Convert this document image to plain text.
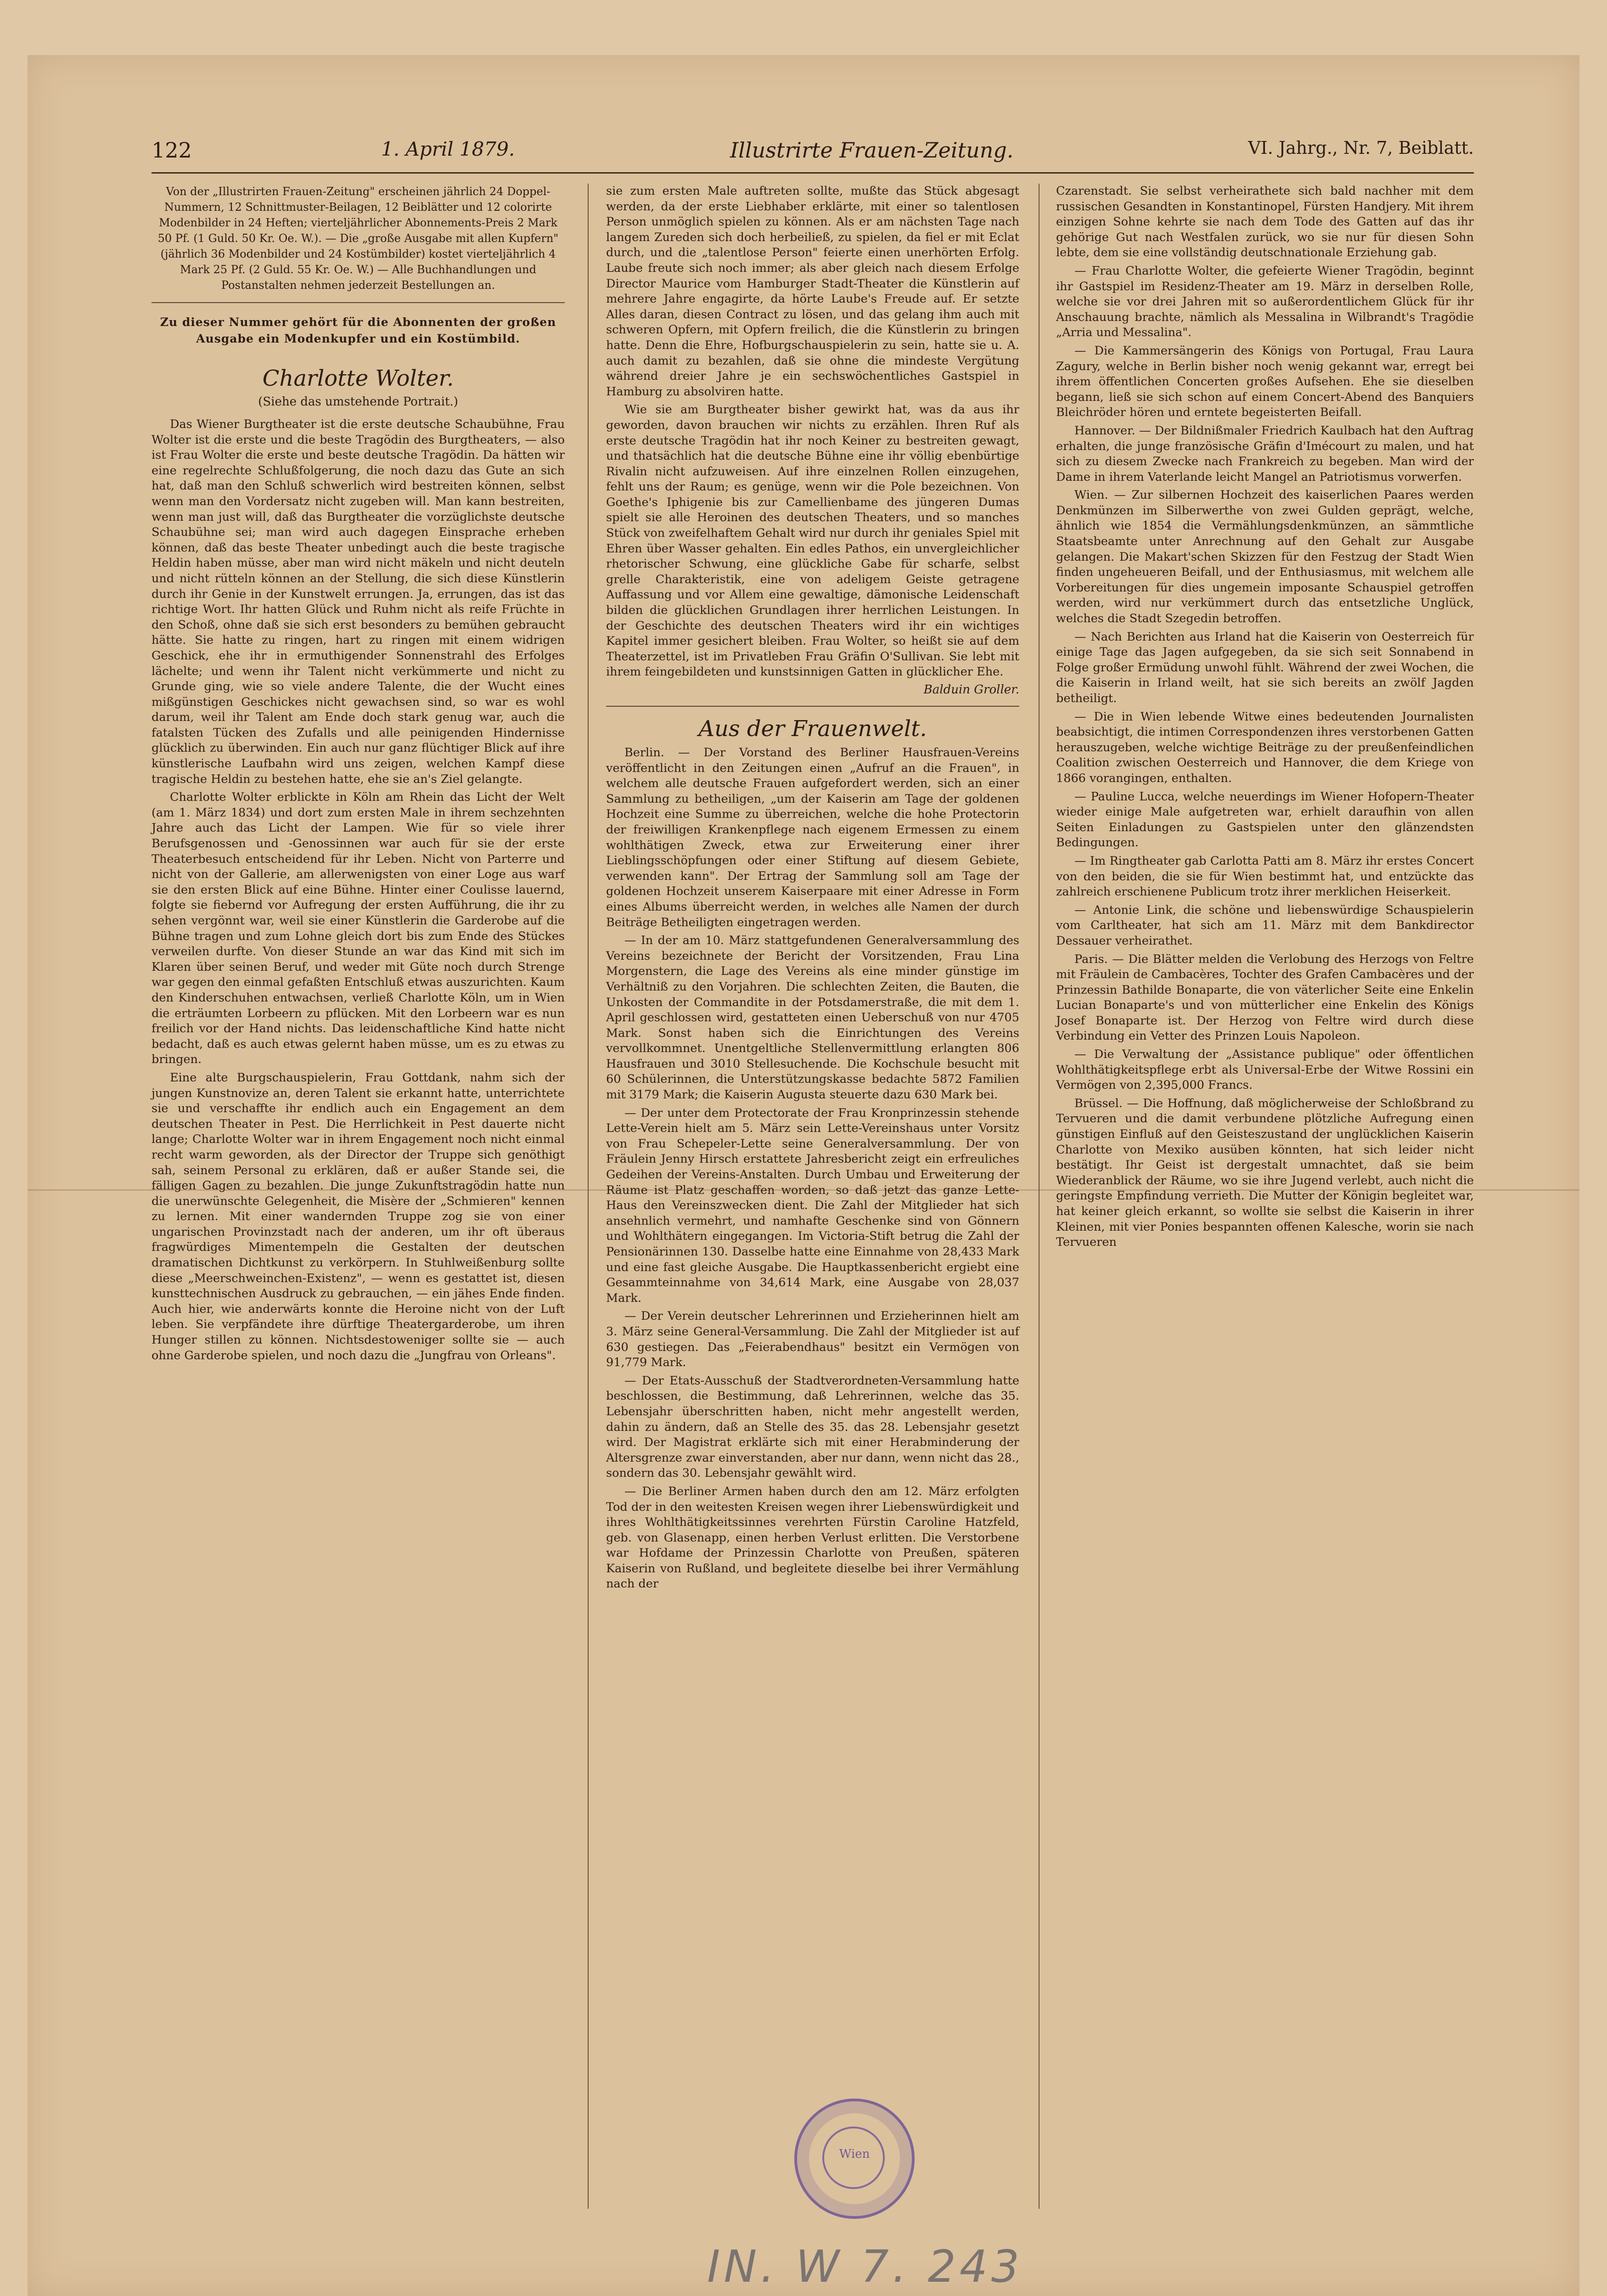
122	1. April 1879.	Illustrirte Frauen-Zeitung.	VI. Jahrg., Nr. 7, Beiblatt.

Von der „Illustrirten Frauen-Zeitung" erscheinen jährlich 24 Doppel-Nummern, 12 Schnittmuster-Beilagen, 12 Beiblätter und 12 colorirte Modenbilder in 24 Heften; vierteljährlicher Abonnements-Preis 2 Mark 50 Pf. (1 Guld. 50 Kr. Oe. W.). — Die „große Ausgabe mit allen Kupfern" (jährlich 36 Modenbilder und 24 Kostümbilder) kostet vierteljährlich 4 Mark 25 Pf. (2 Guld. 55 Kr. Oe. W.) — Alle Buchhandlungen und Postanstalten nehmen jederzeit Bestellungen an.

Zu dieser Nummer gehört für die Abonnenten der großen Ausgabe ein Modenkupfer und ein Kostümbild.

Charlotte Wolter.

(Siehe das umstehende Portrait.)

Das Wiener Burgtheater ist die erste deutsche Schaubühne, Frau Wolter ist die erste und die beste Tragödin des Burgtheaters, — also ist Frau Wolter die erste und beste deutsche Tragödin. Da hätten wir eine regelrechte Schlußfolgerung, die noch dazu das Gute an sich hat, daß man den Schluß schwerlich wird bestreiten können, selbst wenn man den Vordersatz nicht zugeben will. Man kann bestreiten, wenn man just will, daß das Burgtheater die vorzüglichste deutsche Schaubühne sei; man wird auch dagegen Einsprache erheben können, daß das beste Theater unbedingt auch die beste tragische Heldin haben müsse, aber man wird nicht mäkeln und nicht deuteln und nicht rütteln können an der Stellung, die sich diese Künstlerin durch ihr Genie in der Kunstwelt errungen. Ja, errungen, das ist das richtige Wort. Ihr hatten Glück und Ruhm nicht als reife Früchte in den Schoß, ohne daß sie sich erst besonders zu bemühen gebraucht hätte. Sie hatte zu ringen, hart zu ringen mit einem widrigen Geschick, ehe ihr in ermuthigender Sonnenstrahl des Erfolges lächelte; und wenn ihr Talent nicht verkümmerte und nicht zu Grunde ging, wie so viele andere Talente, die der Wucht eines mißgünstigen Geschickes nicht gewachsen sind, so war es wohl darum, weil ihr Talent am Ende doch stark genug war, auch die fatalsten Tücken des Zufalls und alle peinigenden Hindernisse glücklich zu überwinden. Ein auch nur ganz flüchtiger Blick auf ihre künstlerische Laufbahn wird uns zeigen, welchen Kampf diese tragische Heldin zu bestehen hatte, ehe sie an's Ziel gelangte.

Charlotte Wolter erblickte in Köln am Rhein das Licht der Welt (am 1. März 1834) und dort zum ersten Male in ihrem sechzehnten Jahre auch das Licht der Lampen. Wie für so viele ihrer Berufsgenossen und -Genossinnen war auch für sie der erste Theaterbesuch entscheidend für ihr Leben. Nicht von Parterre und nicht von der Gallerie, am allerwenigsten von einer Loge aus warf sie den ersten Blick auf eine Bühne. Hinter einer Coulisse lauernd, folgte sie fiebernd vor Aufregung der ersten Aufführung, die ihr zu sehen vergönnt war, weil sie einer Künstlerin die Garderobe auf die Bühne tragen und zum Lohne gleich dort bis zum Ende des Stückes verweilen durfte. Von dieser Stunde an war das Kind mit sich im Klaren über seinen Beruf, und weder mit Güte noch durch Strenge war gegen den einmal gefaßten Entschluß etwas auszurichten. Kaum den Kinderschuhen entwachsen, verließ Charlotte Köln, um in Wien die erträumten Lorbeern zu pflücken. Mit den Lorbeern war es nun freilich vor der Hand nichts. Das leidenschaftliche Kind hatte nicht bedacht, daß es auch etwas gelernt haben müsse, um es zu etwas zu bringen.

Eine alte Burgschauspielerin, Frau Gottdank, nahm sich der jungen Kunstnovize an, deren Talent sie erkannt hatte, unterrichtete sie und verschaffte ihr endlich auch ein Engagement an dem deutschen Theater in Pest. Die Herrlichkeit in Pest dauerte nicht lange; Charlotte Wolter war in ihrem Engagement noch nicht einmal recht warm geworden, als der Director der Truppe sich genöthigt sah, seinem Personal zu erklären, daß er außer Stande sei, die fälligen Gagen zu bezahlen. Die junge Zukunftstragödin hatte nun die unerwünschte Gelegenheit, die Misère der „Schmieren" kennen zu lernen. Mit einer wandernden Truppe zog sie von einer ungarischen Provinzstadt nach der anderen, um ihr oft überaus fragwürdiges Mimentempeln die Gestalten der deutschen dramatischen Dichtkunst zu verkörpern. In Stuhlweißenburg sollte diese „Meerschweinchen-Existenz", — wenn es gestattet ist, diesen kunsttechnischen Ausdruck zu gebrauchen, — ein jähes Ende finden. Auch hier, wie anderwärts konnte die Heroine nicht von der Luft leben. Sie verpfändete ihre dürftige Theatergarderobe, um ihren Hunger stillen zu können. Nichtsdestoweniger sollte sie — auch ohne Garderobe spielen, und noch dazu die „Jungfrau von Orleans".

sie zum ersten Male auftreten sollte, mußte das Stück abgesagt werden, da der erste Liebhaber erklärte, mit einer so talentlosen Person unmöglich spielen zu können. Als er am nächsten Tage nach langem Zureden sich doch herbeiließ, zu spielen, da fiel er mit Eclat durch, und die „talentlose Person" feierte einen unerhörten Erfolg. Laube freute sich noch immer; als aber gleich nach diesem Erfolge Director Maurice vom Hamburger Stadt-Theater die Künstlerin auf mehrere Jahre engagirte, da hörte Laube's Freude auf. Er setzte Alles daran, diesen Contract zu lösen, und das gelang ihm auch mit schweren Opfern, mit Opfern freilich, die die Künstlerin zu bringen hatte. Denn die Ehre, Hofburgschauspielerin zu sein, hatte sie u. A. auch damit zu bezahlen, daß sie ohne die mindeste Vergütung während dreier Jahre je ein sechswöchentliches Gastspiel in Hamburg zu absolviren hatte.

Wie sie am Burgtheater bisher gewirkt hat, was da aus ihr geworden, davon brauchen wir nichts zu erzählen. Ihren Ruf als erste deutsche Tragödin hat ihr noch Keiner zu bestreiten gewagt, und thatsächlich hat die deutsche Bühne eine ihr völlig ebenbürtige Rivalin nicht aufzuweisen. Auf ihre einzelnen Rollen einzugehen, fehlt uns der Raum; es genüge, wenn wir die Pole bezeichnen. Von Goethe's Iphigenie bis zur Camellienbame des jüngeren Dumas spielt sie alle Heroinen des deutschen Theaters, und so manches Stück von zweifelhaftem Gehalt wird nur durch ihr geniales Spiel mit Ehren über Wasser gehalten. Ein edles Pathos, ein unvergleichlicher rhetorischer Schwung, eine glückliche Gabe für scharfe, selbst grelle Charakteristik, eine von adeligem Geiste getragene Auffassung und vor Allem eine gewaltige, dämonische Leidenschaft bilden die glücklichen Grundlagen ihrer herrlichen Leistungen. In der Geschichte des deutschen Theaters wird ihr ein wichtiges Kapitel immer gesichert bleiben. Frau Wolter, so heißt sie auf dem Theaterzettel, ist im Privatleben Frau Gräfin O'Sullivan. Sie lebt mit ihrem feingebildeten und kunstsinnigen Gatten in glücklicher Ehe.

Balduin Groller.

Aus der Frauenwelt.

Berlin. — Der Vorstand des Berliner Hausfrauen-Vereins veröffentlicht in den Zeitungen einen „Aufruf an die Frauen", in welchem alle deutsche Frauen aufgefordert werden, sich an einer Sammlung zu betheiligen, „um der Kaiserin am Tage der goldenen Hochzeit eine Summe zu überreichen, welche die hohe Protectorin der freiwilligen Krankenpflege nach eigenem Ermessen zu einem wohlthätigen Zweck, etwa zur Erweiterung einer ihrer Lieblingsschöpfungen oder einer Stiftung auf diesem Gebiete, verwenden kann". Der Ertrag der Sammlung soll am Tage der goldenen Hochzeit unserem Kaiserpaare mit einer Adresse in Form eines Albums überreicht werden, in welches alle Namen der durch Beiträge Betheiligten eingetragen werden.

— In der am 10. März stattgefundenen Generalversammlung des Vereins bezeichnete der Bericht der Vorsitzenden, Frau Lina Morgenstern, die Lage des Vereins als eine minder günstige im Verhältniß zu den Vorjahren. Die schlechten Zeiten, die Bauten, die Unkosten der Commandite in der Potsdamerstraße, die mit dem 1. April geschlossen wird, gestatteten einen Ueberschuß von nur 4705 Mark. Sonst haben sich die Einrichtungen des Vereins vervollkommnet. Unentgeltliche Stellenvermittlung erlangten 806 Hausfrauen und 3010 Stellesuchende. Die Kochschule besucht mit 60 Schülerinnen, die Unterstützungskasse bedachte 5872 Familien mit 3179 Mark; die Kaiserin Augusta steuerte dazu 630 Mark bei.

— Der unter dem Protectorate der Frau Kronprinzessin stehende Lette-Verein hielt am 5. März sein Lette-Vereinshaus unter Vorsitz von Frau Schepeler-Lette seine Generalversammlung. Der von Fräulein Jenny Hirsch erstattete Jahresbericht zeigt ein erfreuliches Gedeihen der Vereins-Anstalten. Durch Umbau und Erweiterung der Räume ist Platz geschaffen worden, so daß jetzt das ganze Lette-Haus den Vereinszwecken dient. Die Zahl der Mitglieder hat sich ansehnlich vermehrt, und namhafte Geschenke sind von Gönnern und Wohlthätern eingegangen. Im Victoria-Stift betrug die Zahl der Pensionärinnen 130. Dasselbe hatte eine Einnahme von 28,433 Mark und eine fast gleiche Ausgabe. Die Hauptkassenbericht ergiebt eine Gesammteinnahme von 34,614 Mark, eine Ausgabe von 28,037 Mark.

— Der Verein deutscher Lehrerinnen und Erzieherinnen hielt am 3. März seine General-Versammlung. Die Zahl der Mitglieder ist auf 630 gestiegen. Das „Feierabendhaus" besitzt ein Vermögen von 91,779 Mark.

— Der Etats-Ausschuß der Stadtverordneten-Versammlung hatte beschlossen, die Bestimmung, daß Lehrerinnen, welche das 35. Lebensjahr überschritten haben, nicht mehr angestellt werden, dahin zu ändern, daß an Stelle des 35. das 28. Lebensjahr gesetzt wird. Der Magistrat erklärte sich mit einer Herabminderung der Altersgrenze zwar einverstanden, aber nur dann, wenn nicht das 28., sondern das 30. Lebensjahr gewählt wird.

— Die Berliner Armen haben durch den am 12. März erfolgten Tod der in den weitesten Kreisen wegen ihrer Liebenswürdigkeit und ihres Wohlthätigkeitssinnes verehrten Fürstin Caroline Hatzfeld, geb. von Glasenapp, einen herben Verlust erlitten. Die Verstorbene war Hofdame der Prinzessin Charlotte von Preußen, späteren Kaiserin von Rußland, und begleitete dieselbe bei ihrer Vermählung nach der

Czarenstadt. Sie selbst verheirathete sich bald nachher mit dem russischen Gesandten in Konstantinopel, Fürsten Handjery. Mit ihrem einzigen Sohne kehrte sie nach dem Tode des Gatten auf das ihr gehörige Gut nach Westfalen zurück, wo sie nur für diesen Sohn lebte, dem sie eine vollständig deutschnationale Erziehung gab.

— Frau Charlotte Wolter, die gefeierte Wiener Tragödin, beginnt ihr Gastspiel im Residenz-Theater am 19. März in derselben Rolle, welche sie vor drei Jahren mit so außerordentlichem Glück für ihr Anschauung brachte, nämlich als Messalina in Wilbrandt's Tragödie „Arria und Messalina".

— Die Kammersängerin des Königs von Portugal, Frau Laura Zagury, welche in Berlin bisher noch wenig gekannt war, erregt bei ihrem öffentlichen Concerten großes Aufsehen. Ehe sie dieselben begann, ließ sie sich schon auf einem Concert-Abend des Banquiers Bleichröder hören und erntete begeisterten Beifall.

Hannover. — Der Bildnißmaler Friedrich Kaulbach hat den Auftrag erhalten, die junge französische Gräfin d'Imécourt zu malen, und hat sich zu diesem Zwecke nach Frankreich zu begeben. Man wird der Dame in ihrem Vaterlande leicht Mangel an Patriotismus vorwerfen.

Wien. — Zur silbernen Hochzeit des kaiserlichen Paares werden Denkmünzen im Silberwerthe von zwei Gulden geprägt, welche, ähnlich wie 1854 die Vermählungsdenkmünzen, an sämmtliche Staatsbeamte unter Anrechnung auf den Gehalt zur Ausgabe gelangen. Die Makart'schen Skizzen für den Festzug der Stadt Wien finden ungeheueren Beifall, und der Enthusiasmus, mit welchem alle Vorbereitungen für dies ungemein imposante Schauspiel getroffen werden, wird nur verkümmert durch das entsetzliche Unglück, welches die Stadt Szegedin betroffen.

— Nach Berichten aus Irland hat die Kaiserin von Oesterreich für einige Tage das Jagen aufgegeben, da sie sich seit Sonnabend in Folge großer Ermüdung unwohl fühlt. Während der zwei Wochen, die die Kaiserin in Irland weilt, hat sie sich bereits an zwölf Jagden betheiligt.

— Die in Wien lebende Witwe eines bedeutenden Journalisten beabsichtigt, die intimen Correspondenzen ihres verstorbenen Gatten herauszugeben, welche wichtige Beiträge zu der preußenfeindlichen Coalition zwischen Oesterreich und Hannover, die dem Kriege von 1866 vorangingen, enthalten.

— Pauline Lucca, welche neuerdings im Wiener Hofopern-Theater wieder einige Male aufgetreten war, erhielt daraufhin von allen Seiten Einladungen zu Gastspielen unter den glänzendsten Bedingungen.

— Im Ringtheater gab Carlotta Patti am 8. März ihr erstes Concert von den beiden, die sie für Wien bestimmt hat, und entzückte das zahlreich erschienene Publicum trotz ihrer merklichen Heiserkeit.

— Antonie Link, die schöne und liebenswürdige Schauspielerin vom Carltheater, hat sich am 11. März mit dem Bankdirector Dessauer verheirathet.

Paris. — Die Blätter melden die Verlobung des Herzogs von Feltre mit Fräulein de Cambacères, Tochter des Grafen Cambacères und der Prinzessin Bathilde Bonaparte, die von väterlicher Seite eine Enkelin Lucian Bonaparte's und von mütterlicher eine Enkelin des Königs Josef Bonaparte ist. Der Herzog von Feltre wird durch diese Verbindung ein Vetter des Prinzen Louis Napoleon.

— Die Verwaltung der „Assistance publique" oder öffentlichen Wohlthätigkeitspflege erbt als Universal-Erbe der Witwe Rossini ein Vermögen von 2,395,000 Francs.

Brüssel. — Die Hoffnung, daß möglicherweise der Schloßbrand zu Tervueren und die damit verbundene plötzliche Aufregung einen günstigen Einfluß auf den Geisteszustand der unglücklichen Kaiserin Charlotte von Mexiko ausüben könnten, hat sich leider nicht bestätigt. Ihr Geist ist dergestalt umnachtet, daß sie beim Wiederanblick der Räume, wo sie ihre Jugend verlebt, auch nicht die geringste Empfindung verrieth. Die Mutter der Königin begleitet war, hat keiner gleich erkannt, so wollte sie selbst die Kaiserin in ihrer Kleinen, mit vier Ponies bespannten offenen Kalesche, worin sie nach Tervueren

Wien
IN. W 7. 243
